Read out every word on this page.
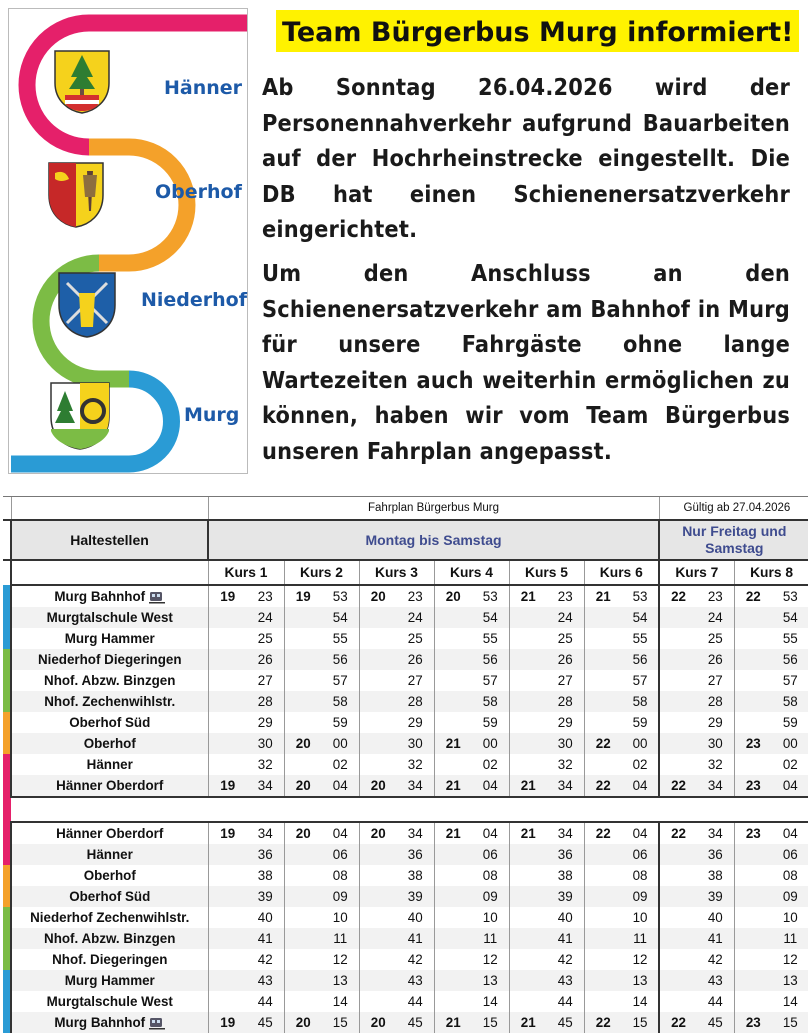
Hänner
Oberhof
Niederhof
Murg
Team Bürgerbus Murg informiert!
Ab Sonntag 26.04.2026 wird der Personennahverkehr aufgrund Bauarbeiten auf der Hochrheinstrecke eingestellt. Die DB hat einen Schienenersatzverkehr eingerichtet.
Um den Anschluss an den Schienenersatzverkehr am Bahnhof in Murg für unsere Fahrgäste ohne lange Wartezeiten auch weiterhin ermöglichen zu können, haben wir vom Team Bürgerbus unseren Fahrplan angepasst.
		Fahrplan Bürgerbus Murg												Gültig ab 27.04.2026			
	Haltestellen	Montag bis Samstag												Nur Freitag und Samstag			
		Kurs 1		Kurs 2		Kurs 3		Kurs 4		Kurs 5		Kurs 6		Kurs 7		Kurs 8	
	Murg Bahnhof	19	23	19	53	20	23	20	53	21	23	21	53	22	23	22	53
	Murgtalschule West		24		54		24		54		24		54		24		54
	Murg Hammer		25		55		25		55		25		55		25		55
	Niederhof Diegeringen		26		56		26		56		26		56		26		56
	Nhof. Abzw. Binzgen		27		57		27		57		27		57		27		57
	Nhof. Zechenwihlstr.		28		58		28		58		28		58		28		58
	Oberhof Süd		29		59		29		59		29		59		29		59
	Oberhof		30	20	00		30	21	00		30	22	00		30	23	00
	Hänner		32		02		32		02		32		02		32		02
	Hänner Oberdorf	19	34	20	04	20	34	21	04	21	34	22	04	22	34	23	04

	Hänner Oberdorf	19	34	20	04	20	34	21	04	21	34	22	04	22	34	23	04
	Hänner		36		06		36		06		36		06		36		06
	Oberhof		38		08		38		08		38		08		38		08
	Oberhof Süd		39		09		39		09		39		09		39		09
	Niederhof Zechenwihlstr.		40		10		40		10		40		10		40		10
	Nhof. Abzw. Binzgen		41		11		41		11		41		11		41		11
	Nhof. Diegeringen		42		12		42		12		42		12		42		12
	Murg Hammer		43		13		43		13		43		13		43		13
	Murgtalschule West		44		14		44		14		44		14		44		14
	Murg Bahnhof	19	45	20	15	20	45	21	15	21	45	22	15	22	45	23	15
